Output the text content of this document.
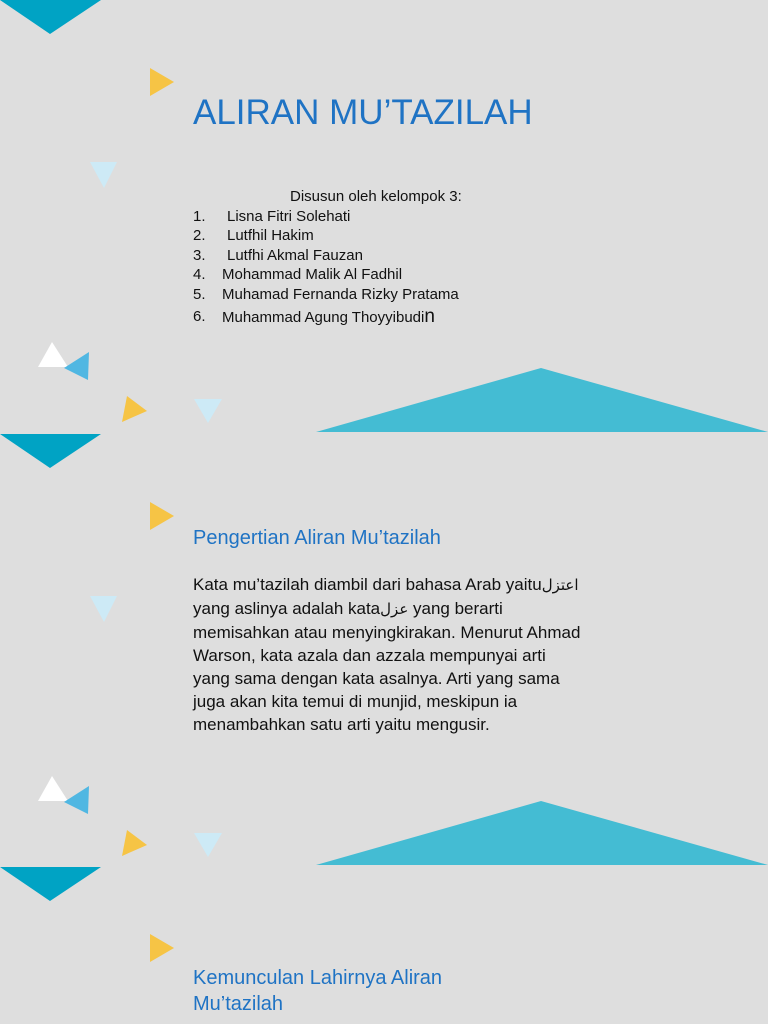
ALIRAN MU’TAZILAH
Disusun oleh kelompok 3:
1. Lisna Fitri Solehati
2. Lutfhil Hakim
3. Lutfhi Akmal Fauzan
4. Mohammad Malik Al Fadhil
5. Muhamad Fernanda Rizky Pratama
6. Muhammad Agung Thoyyibudin
Pengertian Aliran Mu’tazilah

Kata mu’tazilah diambil dari bahasa Arab yaituاعتزل yang aslinya adalah kataعزل yang berarti memisahkan atau menyingkirakan. Menurut Ahmad Warson, kata azala dan azzala mempunyai arti yang sama dengan kata asalnya. Arti yang sama juga akan kita temui di munjid, meskipun ia menambahkan satu arti yaitu mengusir.

Kemunculan Lahirnya Aliran Mu’tazilah
